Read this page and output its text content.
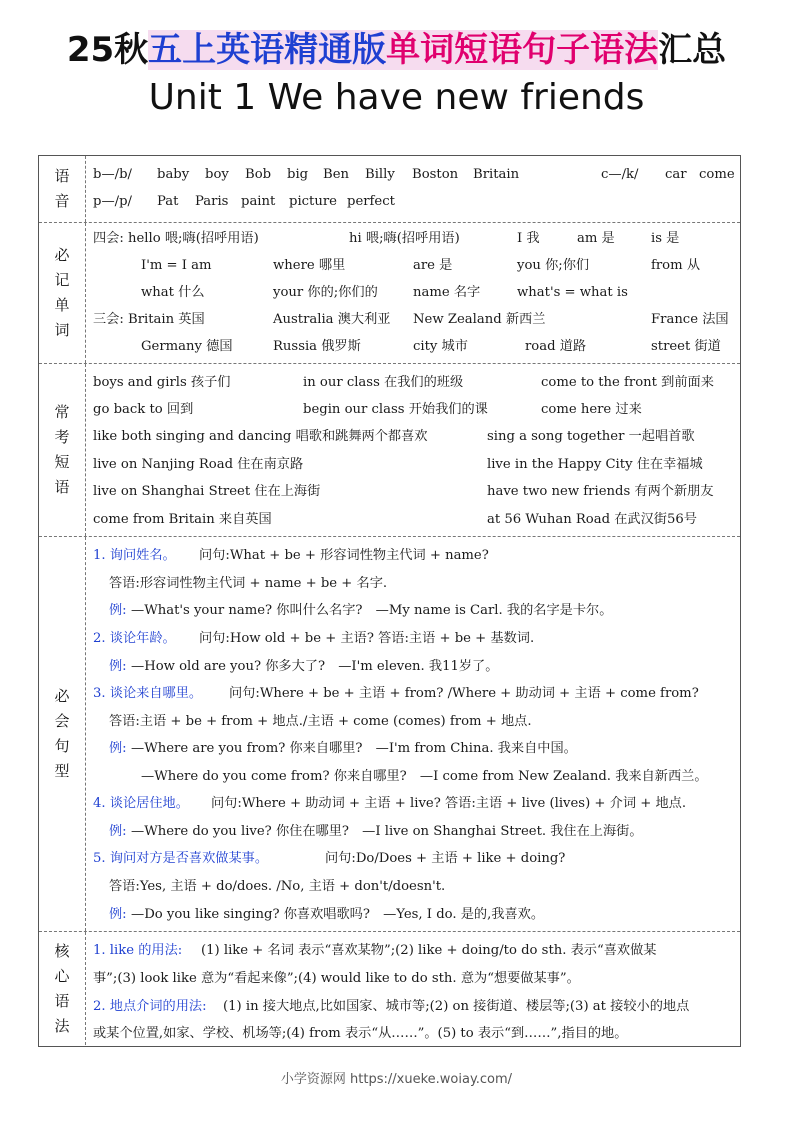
25秋五上英语精通版单词短语句子语法汇总
Unit 1 We have new friends
语音
b—/b/ baby boy Bob big Ben Billy Boston Britain	c—/k/ car come
p—/p/ Pat Paris paint picture perfect
必记单词
四会: hello 喂;嗨(招呼用语)	hi 喂;嗨(招呼用语)	I 我	am 是	is 是
I'm = I am	where 哪里	are 是	you 你;你们	from 从
what 什么	your 你的;你们的	name 名字	what's = what is
三会: Britain 英国	Australia 澳大利亚 New Zealand 新西兰	France 法国
Germany 德国	Russia 俄罗斯	city 城市	road 道路	street 街道
常考短语
boys and girls 孩子们	in our class 在我们的班级	come to the front 到前面来
go back to 回到	begin our class 开始我们的课	come here 过来
like both singing and dancing 唱歌和跳舞两个都喜欢	sing a song together 一起唱首歌
live on Nanjing Road 住在南京路	live in the Happy City 住在幸福城
live on Shanghai Street 住在上海街	have two new friends 有两个新朋友
come from Britain 来自英国	at 56 Wuhan Road 在武汉街56号
必会句型
1. 询问姓名。 问句:What + be + 形容词性物主代词 + name?
答语:形容词性物主代词 + name + be + 名字.
例: —What's your name? 你叫什么名字?　—My name is Carl. 我的名字是卡尔。
2. 谈论年龄。 问句:How old + be + 主语? 答语:主语 + be + 基数词.
例: —How old are you? 你多大了?　—I'm eleven. 我11岁了。
3. 谈论来自哪里。 问句:Where + be + 主语 + from? /Where + 助动词 + 主语 + come from?
答语:主语 + be + from + 地点./主语 + come (comes) from + 地点.
例: —Where are you from? 你来自哪里?　—I'm from China. 我来自中国。
—Where do you come from? 你来自哪里?　—I come from New Zealand. 我来自新西兰。
4. 谈论居住地。 问句:Where + 助动词 + 主语 + live? 答语:主语 + live (lives) + 介词 + 地点.
例: —Where do you live? 你住在哪里?　—I live on Shanghai Street. 我住在上海街。
5. 询问对方是否喜欢做某事。	问句:Do/Does + 主语 + like + doing?
答语:Yes, 主语 + do/does. /No, 主语 + don't/doesn't.
例: —Do you like singing? 你喜欢唱歌吗?　—Yes, I do. 是的,我喜欢。
核心语法
1. like 的用法: (1) like + 名词 表示“喜欢某物”;(2) like + doing/to do sth. 表示“喜欢做某
事”;(3) look like 意为“看起来像”;(4) would like to do sth. 意为“想要做某事”。
2. 地点介词的用法: (1) in 接大地点,比如国家、城市等;(2) on 接街道、楼层等;(3) at 接较小的地点
或某个位置,如家、学校、机场等;(4) from 表示“从……”。(5) to 表示“到……”,指目的地。
小学资源网 https://xueke.woiay.com/
